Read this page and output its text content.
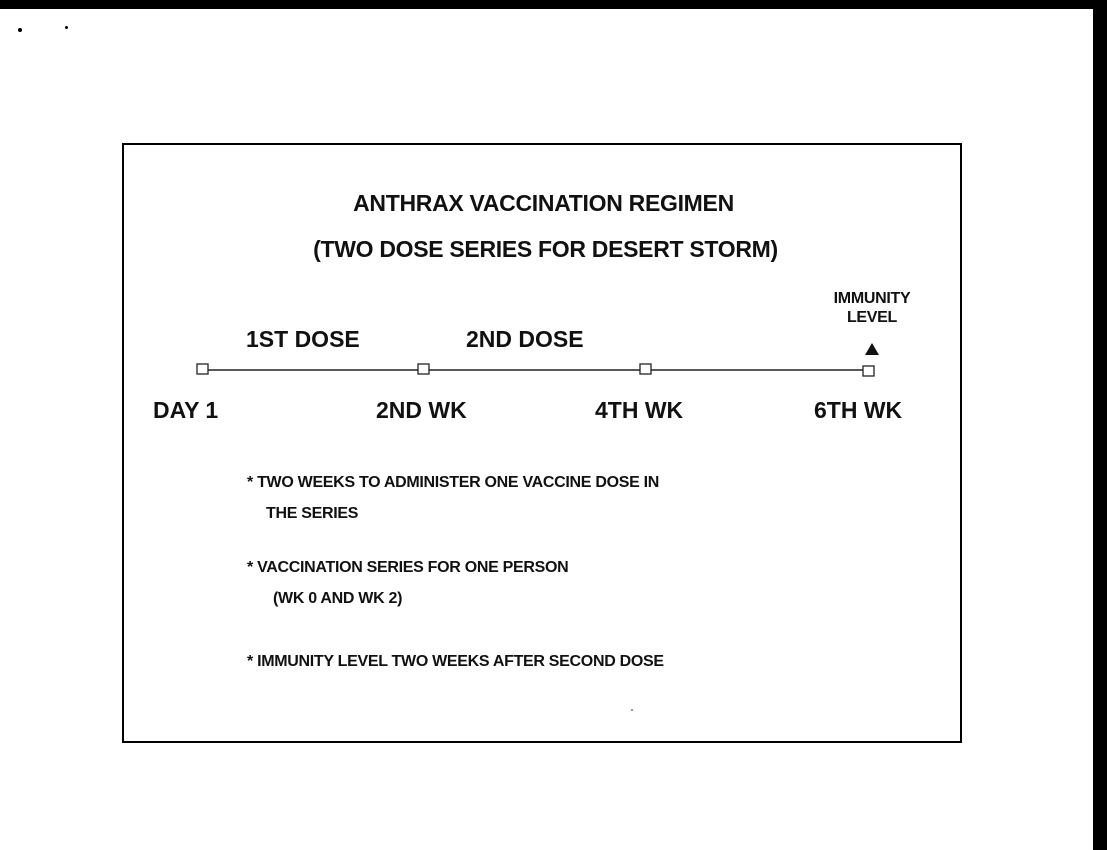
ANTHRAX VACCINATION REGIMEN
(TWO DOSE SERIES FOR DESERT STORM)
1ST DOSE	2ND DOSE
DAY 1	2ND WK	4TH WK	6TH WK
IMMUNITY
LEVEL
* TWO WEEKS TO ADMINISTER ONE VACCINE DOSE IN
THE SERIES
* VACCINATION SERIES FOR ONE PERSON
(WK 0 AND WK 2)
* IMMUNITY LEVEL TWO WEEKS AFTER SECOND DOSE
